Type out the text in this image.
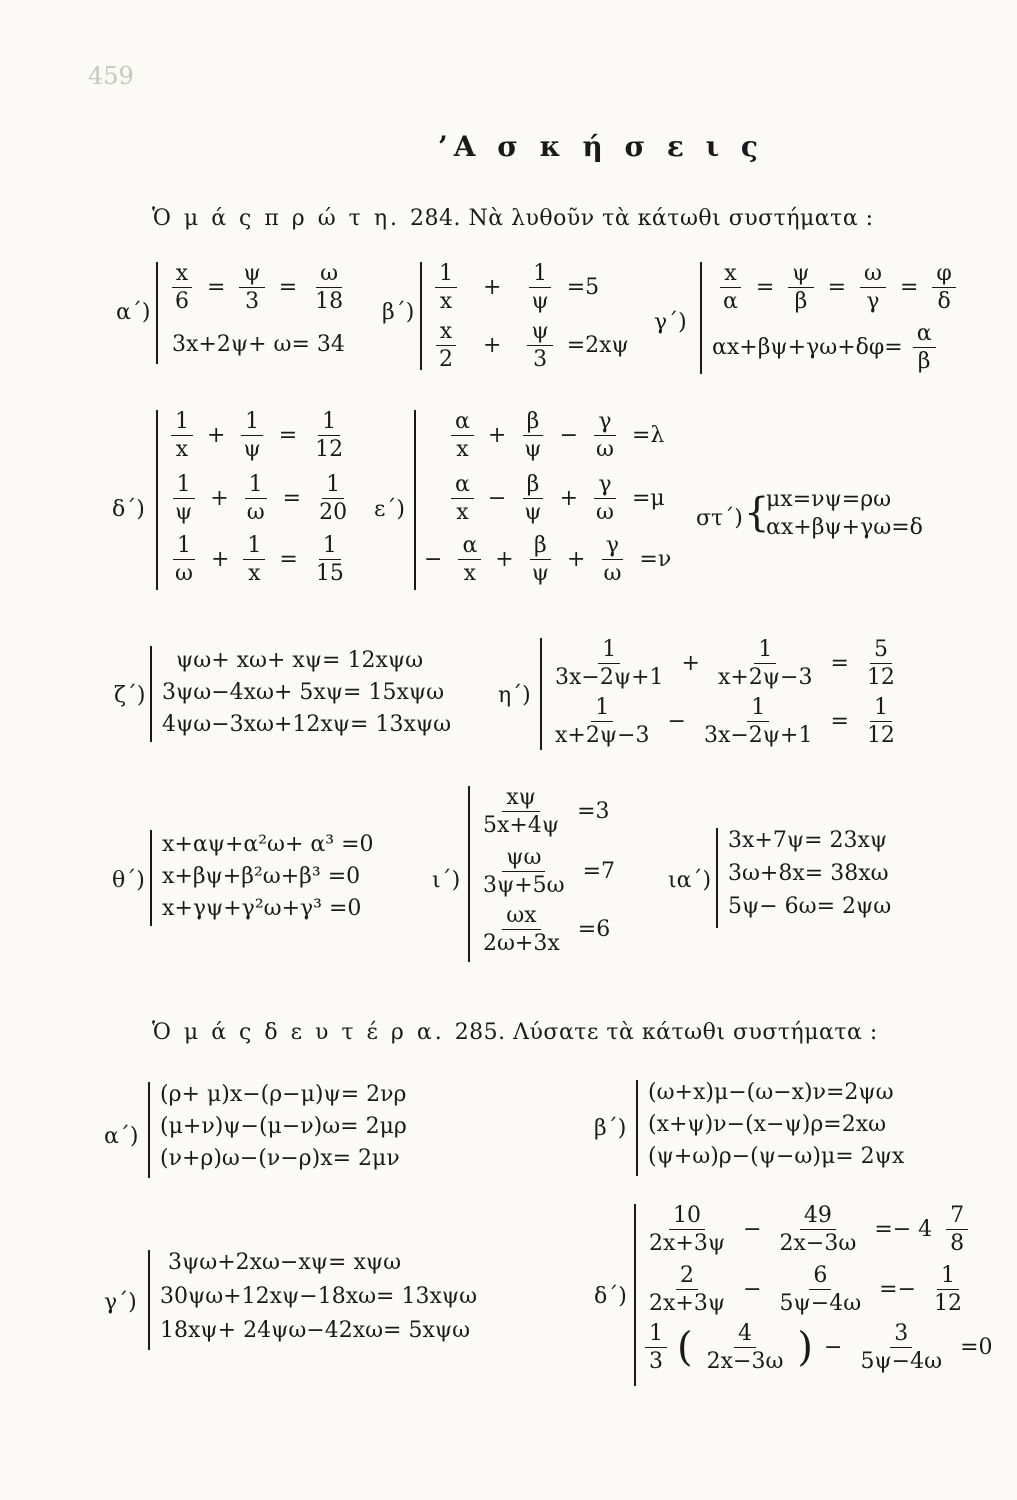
459
’Α σ κ ή σ ε ι ς
Ὁ μ ά ς π ρ ώ τ η. 284. Νὰ λυθοῦν τὰ κάτωθι συστήματα :
$\alpha΄) \frac{x}{6} = \frac{\psi}{3} = \frac{\omega}{18}$
3x+2ψ+ ω= 34
$\beta΄) \frac{1}{x} + \frac{1}{\psi} =5$
$\frac{x}{2} + \frac{\psi}{3} =2x\psi$
γ΄)
$\frac{x}{\alpha} = \frac{\psi}{\beta} = \frac{\omega}{\gamma} = \frac{\varphi}{\delta}$
$\alpha x+\beta\psi+\gamma\omega+\delta\varphi= \frac{\alpha}{\beta}$
δ΄)
$\frac{1}{x} + \frac{1}{\psi} = \frac{1}{12}$
$\frac{1}{\psi} + \frac{1}{\omega} = \frac{1}{20}$
$\frac{1}{\omega} + \frac{1}{x} = \frac{1}{15}$
ε΄)
$\frac{\alpha}{x} + \frac{\beta}{\psi} - \frac{\gamma}{\omega} =\lambda$
$\frac{\alpha}{x} - \frac{\beta}{\psi} + \frac{\gamma}{\omega} =\mu$
− $\frac{\alpha}{x} + \frac{\beta}{\psi} + \frac{\gamma}{\omega} =\nu$
στ΄) {
μx=νψ=ρω
αx+βψ+γω=δ
ζ΄)
ψω+ xω+ xψ= 12xψω
3ψω−4xω+ 5xψ= 15xψω
4ψω−3xω+12xψ= 13xψω
η΄)
$\frac{1}{3x-2\psi+1} + \frac{1}{x+2\psi-3} = \frac{5}{12}$
$\frac{1}{x+2\psi-3} - \frac{1}{3x-2\psi+1} = \frac{1}{12}$
θ΄)
x+αψ+α²ω+ α³ =0
x+βψ+β²ω+β³ =0
x+γψ+γ²ω+γ³ =0
ι΄)
$\frac{x\psi}{5x+4\psi} =3$
$\frac{\psi\omega}{3\psi+5\omega} =7$
$\frac{\omega x}{2\omega+3x} =6$
ια΄)
3x+7ψ= 23xψ
3ω+8x= 38xω
5ψ− 6ω= 2ψω
Ὁ μ ά ς δ ε υ τ έ ρ α. 285. Λύσατε τὰ κάτωθι συστήματα :
α΄)
(ρ+ μ)x−(ρ−μ)ψ= 2νρ
(μ+ν)ψ−(μ−ν)ω= 2μρ
(ν+ρ)ω−(ν−ρ)x= 2μν
β΄)
(ω+x)μ−(ω−x)ν=2ψω
(x+ψ)ν−(x−ψ)ρ=2xω
(ψ+ω)ρ−(ψ−ω)μ= 2ψx
γ΄)
3ψω+2xω−xψ= xψω
30ψω+12xψ−18xω= 13xψω
18xψ+ 24ψω−42xω= 5xψω
δ΄)
$\frac{10}{2x+3\psi} - \frac{49}{2x-3\omega} =- 4 \frac{7}{8}$
$\frac{2}{2x+3\psi} - \frac{6}{5\psi-4\omega} =- \frac{1}{12}$
$\frac{1}{3}$ ( $\frac{4}{2x-3\omega}$ ) − $\frac{3}{5\psi-4\omega} =0$
